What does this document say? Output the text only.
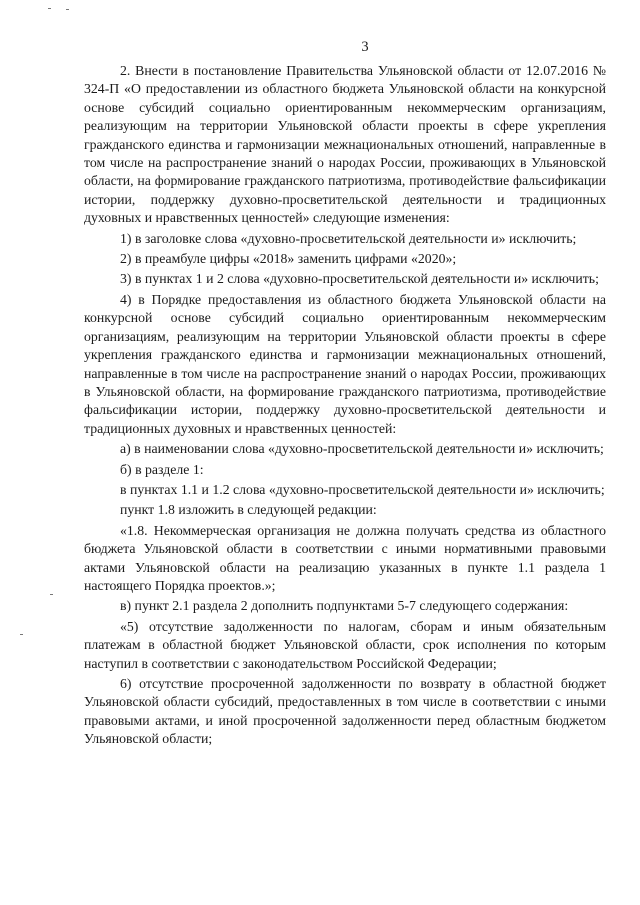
3

2. Внести в постановление Правительства Ульяновской области от 12.07.2016 № 324-П «О предоставлении из областного бюджета Ульяновской области на конкурсной основе субсидий социально ориентированным некоммерческим организациям, реализующим на территории Ульяновской области проекты в сфере укрепления гражданского единства и гармонизации межнациональных отношений, направленные в том числе на распространение знаний о народах России, проживающих в Ульяновской области, на формирование гражданского патриотизма, противодействие фальсификации истории, поддержку духовно-просветительской деятельности и традиционных духовных и нравственных ценностей» следующие изменения:

1) в заголовке слова «духовно-просветительской деятельности и» исключить;

2) в преамбуле цифры «2018» заменить цифрами «2020»;

3) в пунктах 1 и 2 слова «духовно-просветительской деятельности и» исключить;

4) в Порядке предоставления из областного бюджета Ульяновской области на конкурсной основе субсидий социально ориентированным некоммерческим организациям, реализующим на территории Ульяновской области проекты в сфере укрепления гражданского единства и гармонизации межнациональных отношений, направленные в том числе на распространение знаний о народах России, проживающих в Ульяновской области, на формирование гражданского патриотизма, противодействие фальсификации истории, поддержку духовно-просветительской деятельности и традиционных духовных и нравственных ценностей:

а) в наименовании слова «духовно-просветительской деятельности и» исключить;

б) в разделе 1:

в пунктах 1.1 и 1.2 слова «духовно-просветительской деятельности и» исключить;

пункт 1.8 изложить в следующей редакции:

«1.8. Некоммерческая организация не должна получать средства из областного бюджета Ульяновской области в соответствии с иными нормативными правовыми актами Ульяновской области на реализацию указанных в пункте 1.1 раздела 1 настоящего Порядка проектов.»;

в) пункт 2.1 раздела 2 дополнить подпунктами 5-7 следующего содержания:

«5) отсутствие задолженности по налогам, сборам и иным обязательным платежам в областной бюджет Ульяновской области, срок исполнения по которым наступил в соответствии с законодательством Российской Федерации;

6) отсутствие просроченной задолженности по возврату в областной бюджет Ульяновской области субсидий, предоставленных в том числе в соответствии с иными правовыми актами, и иной просроченной задолженности перед областным бюджетом Ульяновской области;
